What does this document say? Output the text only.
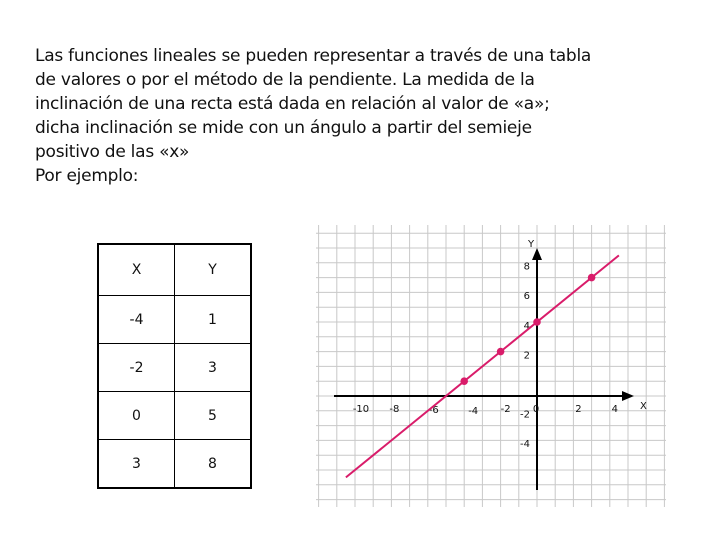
Las funciones lineales se pueden representar a través de una tabla
de valores o por el método de la pendiente. La medida de la
inclinación de una recta está dada en relación al valor de «a»;
dicha inclinación se mide con un ángulo a partir del semieje
positivo de las «x»
Por ejemplo:
X	Y
-4	1
-2	3
0	5
3	8
X
Y
-10 -8	-6	-4 -2 0	2	4
8
6
4
2
-2
-4
